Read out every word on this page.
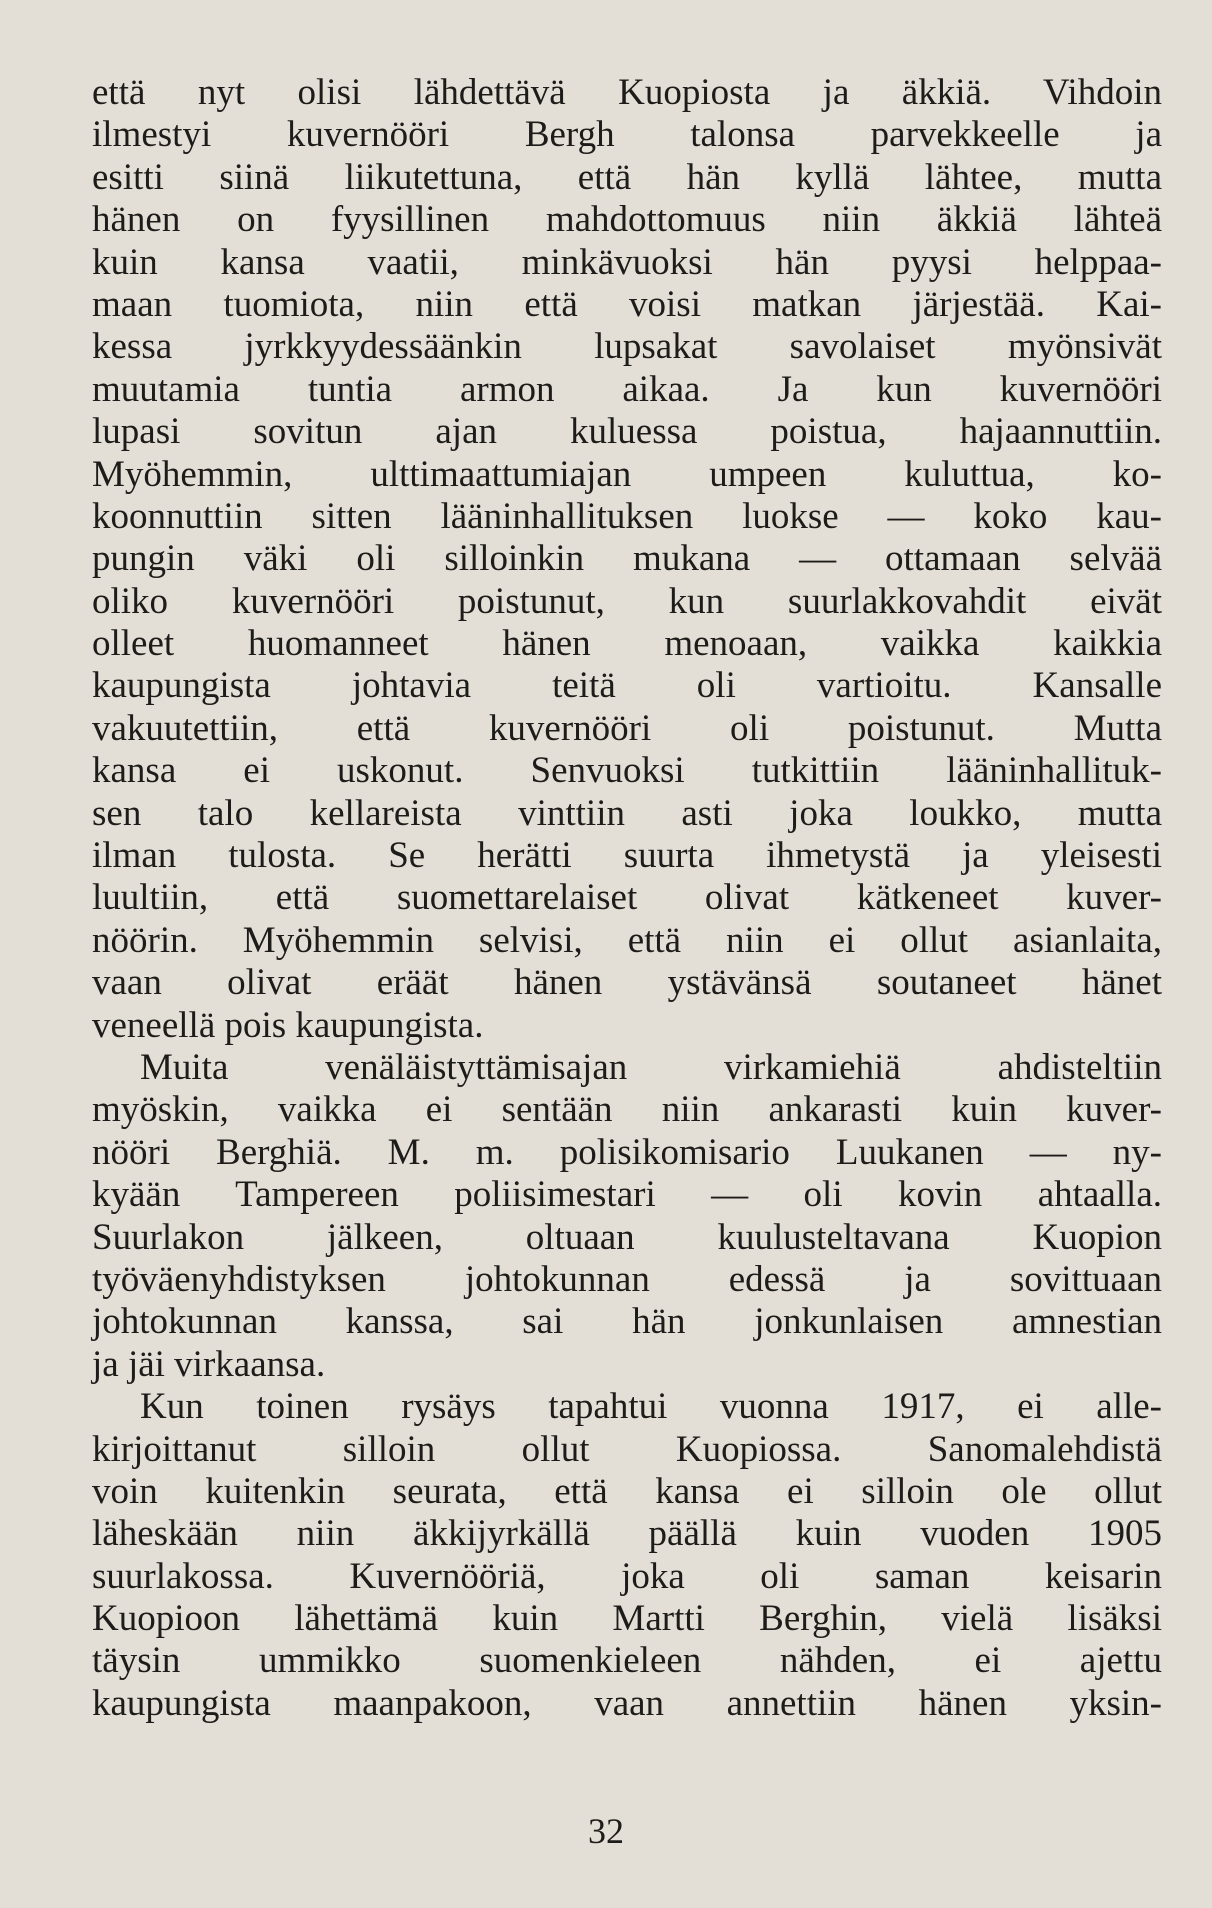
että nyt olisi lähdettävä Kuopiosta ja äkkiä. Vihdoin
ilmestyi kuvernööri Bergh talonsa parvekkeelle ja
esitti siinä liikutettuna, että hän kyllä lähtee, mutta
hänen on fyysillinen mahdottomuus niin äkkiä lähteä
kuin kansa vaatii, minkävuoksi hän pyysi helppaa-
maan tuomiota, niin että voisi matkan järjestää. Kai-
kessa jyrkkyydessäänkin lupsakat savolaiset myönsivät
muutamia tuntia armon aikaa. Ja kun kuvernööri
lupasi sovitun ajan kuluessa poistua, hajaannuttiin.
Myöhemmin, ulttimaattumiajan umpeen kuluttua, ko-
koonnuttiin sitten lääninhallituksen luokse — koko kau-
pungin väki oli silloinkin mukana — ottamaan selvää
oliko kuvernööri poistunut, kun suurlakkovahdit eivät
olleet huomanneet hänen menoaan, vaikka kaikkia
kaupungista johtavia teitä oli vartioitu. Kansalle
vakuutettiin, että kuvernööri oli poistunut. Mutta
kansa ei uskonut. Senvuoksi tutkittiin lääninhallituk-
sen talo kellareista vinttiin asti joka loukko, mutta
ilman tulosta. Se herätti suurta ihmetystä ja yleisesti
luultiin, että suomettarelaiset olivat kätkeneet kuver-
nöörin. Myöhemmin selvisi, että niin ei ollut asianlaita,
vaan olivat eräät hänen ystävänsä soutaneet hänet
veneellä pois kaupungista.
Muita venäläistyttämisajan virkamiehiä ahdisteltiin
myöskin, vaikka ei sentään niin ankarasti kuin kuver-
nööri Berghiä. M. m. polisikomisario Luukanen — ny-
kyään Tampereen poliisimestari — oli kovin ahtaalla.
Suurlakon jälkeen, oltuaan kuulusteltavana Kuopion
työväenyhdistyksen johtokunnan edessä ja sovittuaan
johtokunnan kanssa, sai hän jonkunlaisen amnestian
ja jäi virkaansa.
Kun toinen rysäys tapahtui vuonna 1917, ei alle-
kirjoittanut silloin ollut Kuopiossa. Sanomalehdistä
voin kuitenkin seurata, että kansa ei silloin ole ollut
läheskään niin äkkijyrkällä päällä kuin vuoden 1905
suurlakossa. Kuvernööriä, joka oli saman keisarin
Kuopioon lähettämä kuin Martti Berghin, vielä lisäksi
täysin ummikko suomenkieleen nähden, ei ajettu
kaupungista maanpakoon, vaan annettiin hänen yksin-
32
